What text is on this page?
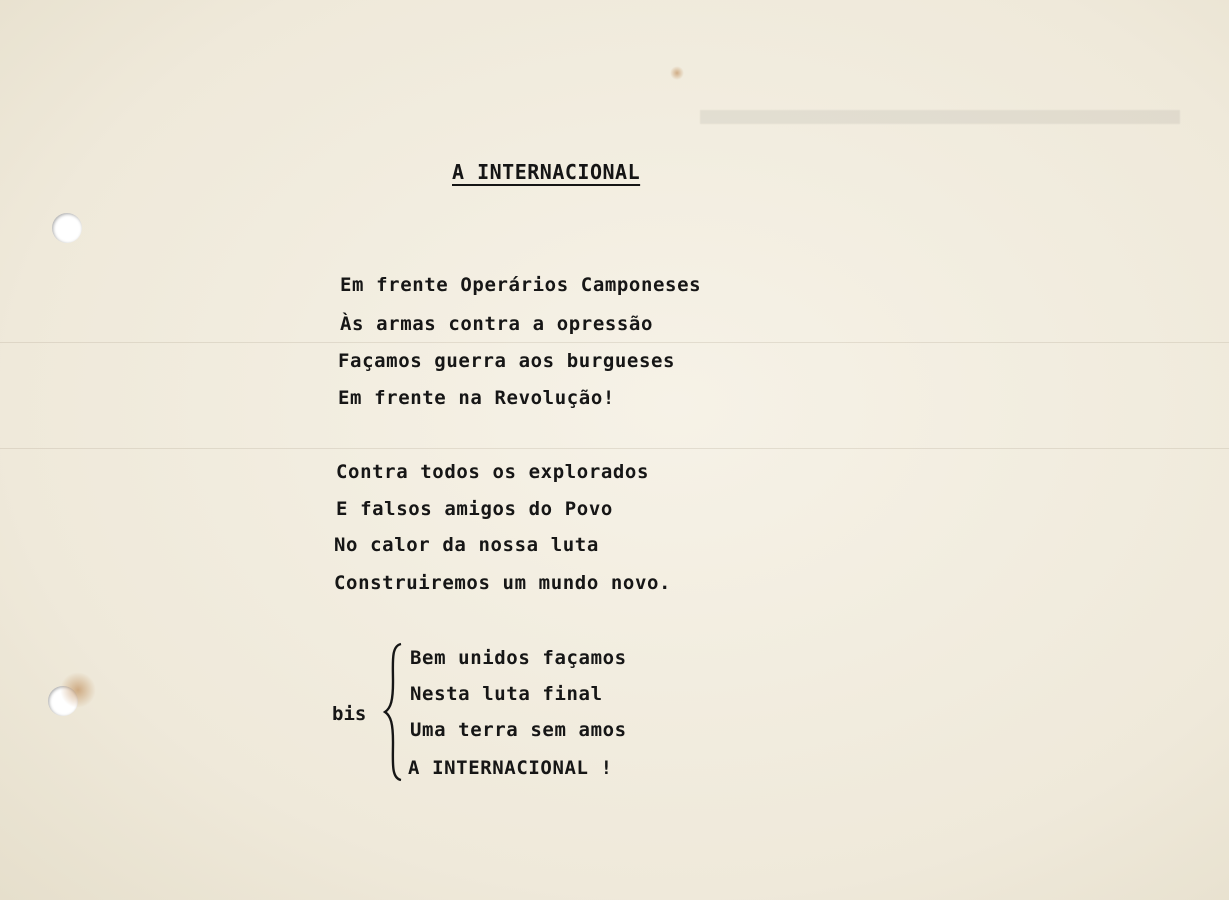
A INTERNACIONAL
Em frente Operários Camponeses
Às armas contra a opressão
Façamos guerra aos burgueses
Em frente na Revolução!
Contra todos os explorados
E falsos amigos do Povo
No calor da nossa luta
Construiremos um mundo novo.
bis
Bem unidos façamos
Nesta luta final
Uma terra sem amos
A INTERNACIONAL !
